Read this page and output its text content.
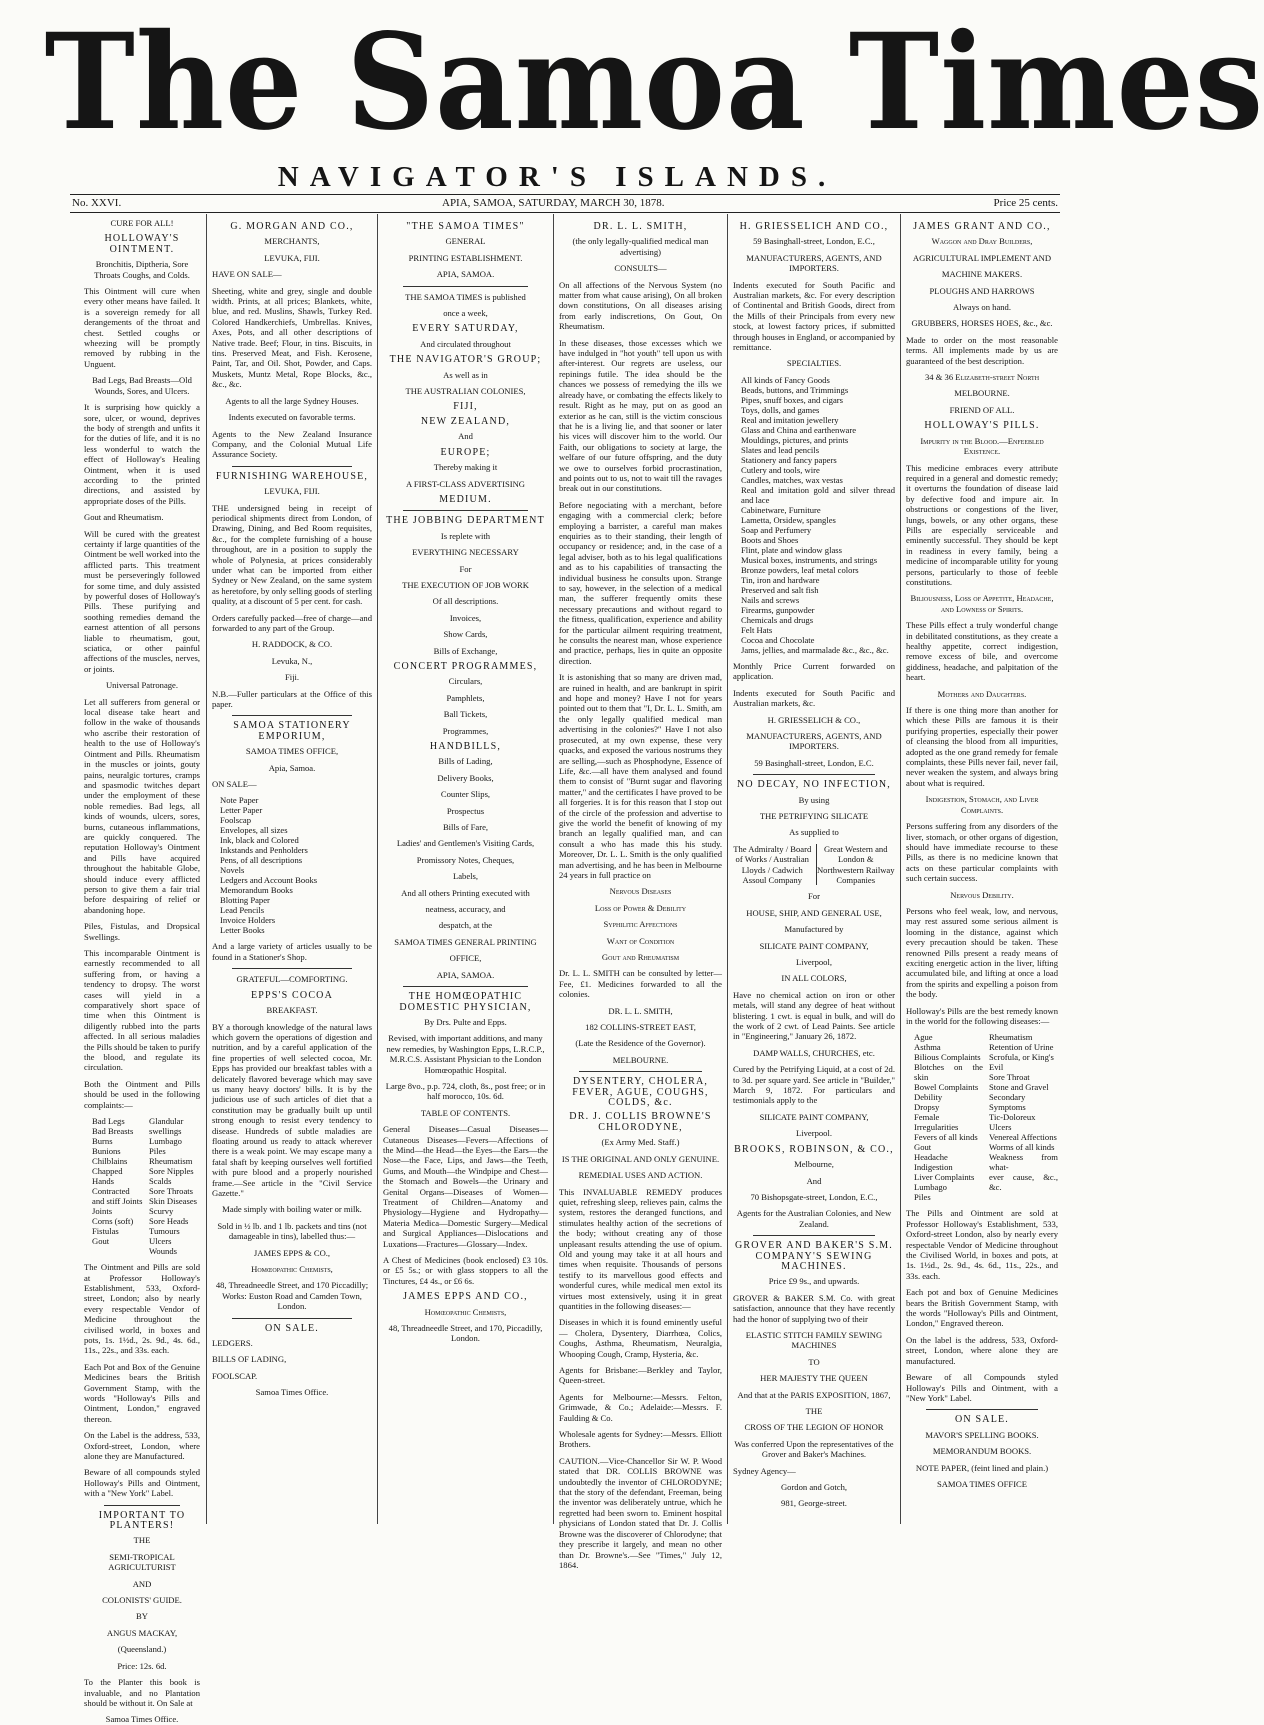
The Samoa Times
NAVIGATOR'S ISLANDS.
No. XXVI.	APIA, SAMOA, SATURDAY, MARCH 30, 1878.	Price 25 cents.

CURE FOR ALL!

HOLLOWAY'S OINTMENT.

Bronchitis, Diptheria, Sore Throats Coughs, and Colds.

This Ointment will cure when every other means have failed. It is a sovereign remedy for all derangements of the throat and chest. Settled coughs or wheezing will be promptly removed by rubbing in the Unguent.

Bad Legs, Bad Breasts—Old Wounds, Sores, and Ulcers.

It is surprising how quickly a sore, ulcer, or wound, deprives the body of strength and unfits it for the duties of life, and it is no less wonderful to watch the effect of Holloway's Healing Ointment, when it is used according to the printed directions, and assisted by appropriate doses of the Pills.

Gout and Rheumatism.

Will be cured with the greatest certainty if large quantities of the Ointment be well worked into the afflicted parts. This treatment must be perseveringly followed for some time, and duly assisted by powerful doses of Holloway's Pills. These purifying and soothing remedies demand the earnest attention of all persons liable to rheumatism, gout, sciatica, or other painful affections of the muscles, nerves, or joints.

Universal Patronage.

Let all sufferers from general or local disease take heart and follow in the wake of thousands who ascribe their restoration of health to the use of Holloway's Ointment and Pills. Rheumatism in the muscles or joints, gouty pains, neuralgic tortures, cramps and spasmodic twitches depart under the employment of these noble remedies. Bad legs, all kinds of wounds, ulcers, sores, burns, cutaneous inflammations, are quickly conquered. The reputation Holloway's Ointment and Pills have acquired throughout the habitable Globe, should induce every afflicted person to give them a fair trial before despairing of relief or abandoning hope.

Piles, Fistulas, and Dropsical Swellings.

This incomparable Ointment is earnestly recommended to all suffering from, or having a tendency to dropsy. The worst cases will yield in a comparatively short space of time when this Ointment is diligently rubbed into the parts affected. In all serious maladies the Pills should be taken to purify the blood, and regulate its circulation.

Both the Ointment and Pills should be used in the following complaints:—

Bad Legs
Bad Breasts
Burns
Bunions
Chilblains
Chapped Hands
Contracted and stiff Joints
Joints
Corns (soft)
Fistulas
Gout
Glandular swellings
Lumbago
Piles
Rheumatism
Sore Nipples
Scalds
Sore Throats
Skin Diseases
Scurvy
Sore Heads
Tumours
Ulcers
Wounds

The Ointment and Pills are sold at Professor Holloway's Establishment, 533, Oxford-street, London; also by nearly every respectable Vendor of Medicine throughout the civilised world, in boxes and pots, 1s. 1½d., 2s. 9d., 4s. 6d., 11s., 22s., and 33s. each.

Each Pot and Box of the Genuine Medicines bears the British Government Stamp, with the words "Holloway's Pills and Ointment, London," engraved thereon.

On the Label is the address, 533, Oxford-street, London, where alone they are Manufactured.

Beware of all compounds styled Holloway's Pills and Ointment, with a "New York" Label.

IMPORTANT TO PLANTERS!

THE

SEMI-TROPICAL AGRICULTURIST

AND

COLONISTS' GUIDE.

BY

ANGUS MACKAY,

(Queensland.)

Price: 12s. 6d.

To the Planter this book is invaluable, and no Plantation should be without it. On Sale at

Samoa Times Office.

G. MORGAN AND CO.,

MERCHANTS,

LEVUKA, FIJI.

HAVE ON SALE—

Sheeting, white and grey, single and double width. Prints, at all prices; Blankets, white, blue, and red. Muslins, Shawls, Turkey Red. Colored Handkerchiefs, Umbrellas. Knives, Axes, Pots, and all other descriptions of Native trade. Beef; Flour, in tins. Biscuits, in tins. Preserved Meat, and Fish. Kerosene, Paint, Tar, and Oil. Shot, Powder, and Caps. Muskets, Muntz Metal, Rope Blocks, &c., &c., &c.

Agents to all the large Sydney Houses.

Indents executed on favorable terms.

Agents to the New Zealand Insurance Company, and the Colonial Mutual Life Assurance Society.

FURNISHING WAREHOUSE,

LEVUKA, FIJI.

THE undersigned being in receipt of periodical shipments direct from London, of Drawing, Dining, and Bed Room requisites, &c., for the complete furnishing of a house throughout, are in a position to supply the whole of Polynesia, at prices considerably under what can be imported from either Sydney or New Zealand, on the same system as heretofore, by only selling goods of sterling quality, at a discount of 5 per cent. for cash.

Orders carefully packed—free of charge—and forwarded to any part of the Group.

H. RADDOCK, & CO.

Levuka, N.,

Fiji.

N.B.—Fuller particulars at the Office of this paper.

SAMOA STATIONERY EMPORIUM,

SAMOA TIMES OFFICE,

Apia, Samoa.

ON SALE—

Note Paper
Letter Paper
Foolscap
Envelopes, all sizes
Ink, black and Colored
Inkstands and Penholders
Pens, of all descriptions
Novels
Ledgers and Account Books
Memorandum Books
Blotting Paper
Lead Pencils
Invoice Holders
Letter Books

And a large variety of articles usually to be found in a Stationer's Shop.

GRATEFUL—COMFORTING.

EPPS'S COCOA

BREAKFAST.

BY a thorough knowledge of the natural laws which govern the operations of digestion and nutrition, and by a careful application of the fine properties of well selected cocoa, Mr. Epps has provided our breakfast tables with a delicately flavored beverage which may save us many heavy doctors' bills. It is by the judicious use of such articles of diet that a constitution may be gradually built up until strong enough to resist every tendency to disease. Hundreds of subtle maladies are floating around us ready to attack wherever there is a weak point. We may escape many a fatal shaft by keeping ourselves well fortified with pure blood and a properly nourished frame.—See article in the "Civil Service Gazette."

Made simply with boiling water or milk.

Sold in ½ lb. and 1 lb. packets and tins (not damageable in tins), labelled thus:—

JAMES EPPS & CO.,

Homœopathic Chemists,

48, Threadneedle Street, and 170 Piccadilly; Works: Euston Road and Camden Town, London.

ON SALE.

LEDGERS.

BILLS OF LADING,

FOOLSCAP.

Samoa Times Office.

"THE SAMOA TIMES"

GENERAL

PRINTING ESTABLISHMENT.

APIA, SAMOA.

THE SAMOA TIMES is published

once a week,

EVERY SATURDAY,

And circulated throughout

THE NAVIGATOR'S GROUP;

As well as in

THE AUSTRALIAN COLONIES,

FIJI,
NEW ZEALAND,

And

EUROPE;

Thereby making it

A FIRST-CLASS ADVERTISING

MEDIUM.
THE JOBBING DEPARTMENT

Is replete with

EVERYTHING NECESSARY

For

THE EXECUTION OF JOB WORK

Of all descriptions.

Invoices,

Show Cards,

Bills of Exchange,

CONCERT PROGRAMMES,

Circulars,

Pamphlets,

Ball Tickets,

Programmes,

HANDBILLS,

Bills of Lading,

Delivery Books,

Counter Slips,

Prospectus

Bills of Fare,

Ladies' and Gentlemen's Visiting Cards,

Promissory Notes, Cheques,

Labels,

And all others Printing executed with

neatness, accuracy, and

despatch, at the

SAMOA TIMES GENERAL PRINTING

OFFICE,

APIA, SAMOA.

THE HOMŒOPATHIC DOMESTIC PHYSICIAN,

By Drs. Pulte and Epps.

Revised, with important additions, and many new remedies, by Washington Epps, L.R.C.P., M.R.C.S. Assistant Physician to the London Homœopathic Hospital.

Large 8vo., p.p. 724, cloth, 8s., post free; or in half morocco, 10s. 6d.

TABLE OF CONTENTS.

General Diseases—Casual Diseases—Cutaneous Diseases—Fevers—Affections of the Mind—the Head—the Eyes—the Ears—the Nose—the Face, Lips, and Jaws—the Teeth, Gums, and Mouth—the Windpipe and Chest—the Stomach and Bowels—the Urinary and Genital Organs—Diseases of Women—Treatment of Children—Anatomy and Physiology—Hygiene and Hydropathy—Materia Medica—Domestic Surgery—Medical and Surgical Appliances—Dislocations and Luxations—Fractures—Glossary—Index.

A Chest of Medicines (book enclosed) £3 10s. or £5 5s.; or with glass stoppers to all the Tinctures, £4 4s., or £6 6s.

JAMES EPPS AND CO.,

Homœopathic Chemists,

48, Threadneedle Street, and 170, Piccadilly, London.

DR. L. L. SMITH,

(the only legally-qualified medical man advertising)

CONSULTS—

On all affections of the Nervous System (no matter from what cause arising), On all broken down constitutions, On all diseases arising from early indiscretions, On Gout, On Rheumatism.

In these diseases, those excesses which we have indulged in "hot youth" tell upon us with after-interest. Our regrets are useless, our repinings futile. The idea should be the chances we possess of remedying the ills we already have, or combating the effects likely to result. Right as he may, put on as good an exterior as he can, still is the victim conscious that he is a living lie, and that sooner or later his vices will discover him to the world. Our Faith, our obligations to society at large, the welfare of our future offspring, and the duty we owe to ourselves forbid procrastination, and points out to us, not to wait till the ravages break out in our constitutions.

Before negociating with a merchant, before engaging with a commercial clerk; before employing a barrister, a careful man makes enquiries as to their standing, their length of occupancy or residence; and, in the case of a legal adviser, both as to his legal qualifications and as to his capabilities of transacting the individual business he consults upon. Strange to say, however, in the selection of a medical man, the sufferer frequently omits these necessary precautions and without regard to the fitness, qualification, experience and ability for the particular ailment requiring treatment, he consults the nearest man, whose experience and practice, perhaps, lies in quite an opposite direction.

It is astonishing that so many are driven mad, are ruined in health, and are bankrupt in spirit and hope and money? Have I not for years pointed out to them that "I, Dr. L. L. Smith, am the only legally qualified medical man advertising in the colonies?" Have I not also prosecuted, at my own expense, these very quacks, and exposed the various nostrums they are selling,—such as Phosphodyne, Essence of Life, &c.—all have them analysed and found them to consist of "Burnt sugar and flavoring matter," and the certificates I have proved to be all forgeries. It is for this reason that I stop out of the circle of the profession and advertise to give the world the benefit of knowing of my branch an legally qualified man, and can consult a who has made this his study. Moreover, Dr. L. L. Smith is the only qualified man advertising, and he has been in Melbourne 24 years in full practice on

Nervous Diseases

Loss of Power & Debility

Syphilitic Affections

Want of Condition

Gout and Rheumatism

Dr. L. L. SMITH can be consulted by letter—Fee, £1. Medicines forwarded to all the colonies.

DR. L. L. SMITH,

182 COLLINS-STREET EAST,

(Late the Residence of the Governor).

MELBOURNE.

DYSENTERY, CHOLERA, FEVER, AGUE, COUGHS, COLDS, &c.
DR. J. COLLIS BROWNE'S CHLORODYNE,

(Ex Army Med. Staff.)

IS THE ORIGINAL AND ONLY GENUINE.

REMEDIAL USES AND ACTION.

This INVALUABLE REMEDY produces quiet, refreshing sleep, relieves pain, calms the system, restores the deranged functions, and stimulates healthy action of the secretions of the body; without creating any of those unpleasant results attending the use of opium. Old and young may take it at all hours and times when requisite. Thousands of persons testify to its marvellous good effects and wonderful cures, while medical men extol its virtues most extensively, using it in great quantities in the following diseases:—

Diseases in which it is found eminently useful — Cholera, Dysentery, Diarrhœa, Colics, Coughs, Asthma, Rheumatism, Neuralgia, Whooping Cough, Cramp, Hysteria, &c.

Agents for Brisbane:—Berkley and Taylor, Queen-street.

Agents for Melbourne:—Messrs. Felton, Grimwade, & Co.; Adelaide:—Messrs. F. Faulding & Co.

Wholesale agents for Sydney:—Messrs. Elliott Brothers.

CAUTION.—Vice-Chancellor Sir W. P. Wood stated that DR. COLLIS BROWNE was undoubtedly the inventor of CHLORODYNE; that the story of the defendant, Freeman, being the inventor was deliberately untrue, which he regretted had been sworn to. Eminent hospital physicians of London stated that Dr. J. Collis Browne was the discoverer of Chlorodyne; that they prescribe it largely, and mean no other than Dr. Browne's.—See "Times," July 12, 1864.

H. GRIESSELICH AND CO.,

59 Basinghall-street, London, E.C.,

MANUFACTURERS, AGENTS, AND IMPORTERS.

Indents executed for South Pacific and Australian markets, &c. For every description of Continental and British Goods, direct from the Mills of their Principals from every new stock, at lowest factory prices, if submitted through houses in England, or accompanied by remittance.

SPECIALTIES.

All kinds of Fancy Goods
Beads, buttons, and Trimmings
Pipes, snuff boxes, and cigars
Toys, dolls, and games
Real and imitation jewellery
Glass and China and earthenware
Mouldings, pictures, and prints
Slates and lead pencils
Stationery and fancy papers
Cutlery and tools, wire
Candles, matches, wax vestas
Real and imitation gold and silver thread and lace
Cabinetware, Furniture
Lametta, Orsidew, spangles
Soap and Perfumery
Boots and Shoes
Flint, plate and window glass
Musical boxes, instruments, and strings
Bronze powders, leaf metal colors
Tin, iron and hardware
Preserved and salt fish
Nails and screws
Firearms, gunpowder
Chemicals and drugs
Felt Hats
Cocoa and Chocolate
Jams, jellies, and marmalade &c., &c., &c.

Monthly Price Current forwarded on application.

Indents executed for South Pacific and Australian markets, &c.

H. GRIESSELICH & CO.,

MANUFACTURERS, AGENTS, AND IMPORTERS.

59 Basinghall-street, London, E.C.

NO DECAY, NO INFECTION,

By using

THE PETRIFYING SILICATE

As supplied to

The Admiralty / Board of Works / Australian Lloyds / Cadwich Assoul Company
Great Western and London & Northwestern Railway Companies

For

HOUSE, SHIP, AND GENERAL USE,

Manufactured by

SILICATE PAINT COMPANY,

Liverpool,

IN ALL COLORS,

Have no chemical action on iron or other metals, will stand any degree of heat without blistering. 1 cwt. is equal in bulk, and will do the work of 2 cwt. of Lead Paints. See article in "Engineering," January 26, 1872.

DAMP WALLS, CHURCHES, etc.

Cured by the Petrifying Liquid, at a cost of 2d. to 3d. per square yard. See article in "Builder," March 9, 1872. For particulars and testimonials apply to the

SILICATE PAINT COMPANY,

Liverpool.

BROOKS, ROBINSON, & CO.,

Melbourne,

And

70 Bishopsgate-street, London, E.C.,

Agents for the Australian Colonies, and New Zealand.

GROVER AND BAKER'S S.M. COMPANY'S SEWING MACHINES.

Price £9 9s., and upwards.

GROVER & BAKER S.M. Co. with great satisfaction, announce that they have recently had the honor of supplying two of their

ELASTIC STITCH FAMILY SEWING MACHINES

TO

HER MAJESTY THE QUEEN

And that at the PARIS EXPOSITION, 1867,

THE

CROSS OF THE LEGION OF HONOR

Was conferred Upon the representatives of the Grover and Baker's Machines.

Sydney Agency—

Gordon and Gotch,

981, George-street.

JAMES GRANT AND CO.,

Waggon and Dray Builders,

AGRICULTURAL IMPLEMENT AND

MACHINE MAKERS.

PLOUGHS AND HARROWS

Always on hand.

GRUBBERS, HORSES HOES, &c., &c.

Made to order on the most reasonable terms. All implements made by us are guaranteed of the best description.

34 & 36 Elizabeth-street North

MELBOURNE.

FRIEND OF ALL.

HOLLOWAY'S PILLS.

Impurity in the Blood.—Enfeebled Existence.

This medicine embraces every attribute required in a general and domestic remedy; it overturns the foundation of disease laid by defective food and impure air. In obstructions or congestions of the liver, lungs, bowels, or any other organs, these Pills are especially serviceable and eminently successful. They should be kept in readiness in every family, being a medicine of incomparable utility for young persons, particularly to those of feeble constitutions.

Biliousness, Loss of Appetite, Headache, and Lowness of Spirits.

These Pills effect a truly wonderful change in debilitated constitutions, as they create a healthy appetite, correct indigestion, remove excess of bile, and overcome giddiness, headache, and palpitation of the heart.

Mothers and Daughters.

If there is one thing more than another for which these Pills are famous it is their purifying properties, especially their power of cleansing the blood from all impurities, adopted as the one grand remedy for female complaints, these Pills never fail, never fail, never weaken the system, and always bring about what is required.

Indigestion, Stomach, and Liver Complaints.

Persons suffering from any disorders of the liver, stomach, or other organs of digestion, should have immediate recourse to these Pills, as there is no medicine known that acts on these particular complaints with such certain success.

Nervous Debility.

Persons who feel weak, low, and nervous, may rest assured some serious ailment is looming in the distance, against which every precaution should be taken. These renowned Pills present a ready means of exciting energetic action in the liver, lifting accumulated bile, and lifting at once a load from the spirits and expelling a poison from the body.

Holloway's Pills are the best remedy known in the world for the following diseases:—

Ague
Asthma
Bilious Complaints
Blotches on the skin
Bowel Complaints
Debility
Dropsy
Female Irregularities
Fevers of all kinds
Gout
Headache
Indigestion
Liver Complaints
Lumbago
Piles
Rheumatism
Retention of Urine
Scrofula, or King's
Evil
Sore Throat
Stone and Gravel
Secondary Symptoms
Tic-Doloreux
Ulcers
Venereal Affections
Worms of all kinds
Weakness from what-
ever cause, &c., &c.

The Pills and Ointment are sold at Professor Holloway's Establishment, 533, Oxford-street London, also by nearly every respectable Vendor of Medicine throughout the Civilised World, in boxes and pots, at 1s. 1½d., 2s. 9d., 4s. 6d., 11s., 22s., and 33s. each.

Each pot and box of Genuine Medicines bears the British Government Stamp, with the words "Holloway's Pills and Ointment, London," Engraved thereon.

On the label is the address, 533, Oxford-street, London, where alone they are manufactured.

Beware of all Compounds styled Holloway's Pills and Ointment, with a "New York" Label.

ON SALE.

MAVOR'S SPELLING BOOKS.

MEMORANDUM BOOKS.

NOTE PAPER, (feint lined and plain.)

SAMOA TIMES OFFICE
